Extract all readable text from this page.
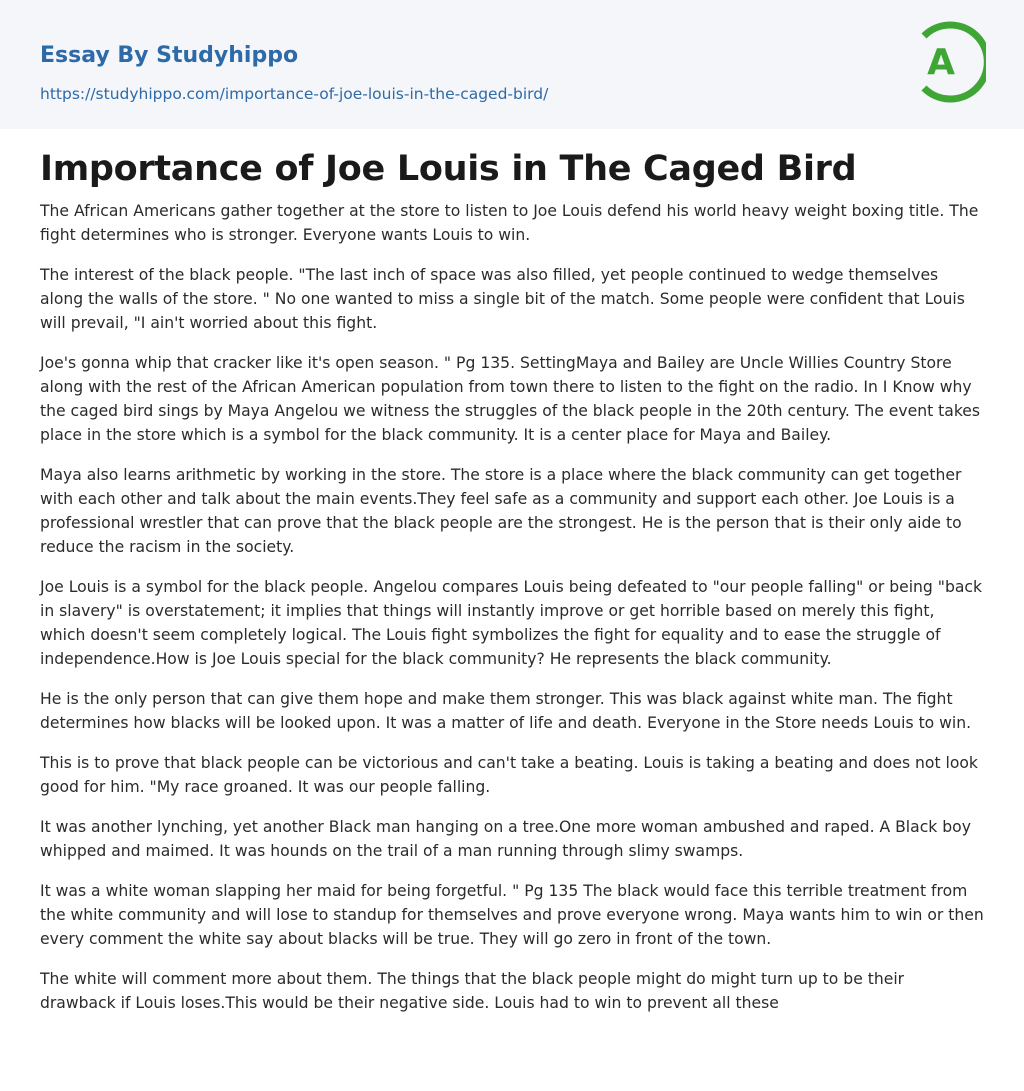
Essay By Studyhippo
https://studyhippo.com/importance-of-joe-louis-in-the-caged-bird/
A
Importance of Joe Louis in The Caged Bird

The African Americans gather together at the store to listen to Joe Louis defend his world heavy weight boxing title. The fight determines who is stronger. Everyone wants Louis to win.

The interest of the black people. "The last inch of space was also filled, yet people continued to wedge themselves along the walls of the store. " No one wanted to miss a single bit of the match. Some people were confident that Louis will prevail, "I ain't worried about this fight.

Joe's gonna whip that cracker like it's open season. " Pg 135. SettingMaya and Bailey are Uncle Willies Country Store along with the rest of the African American population from town there to listen to the fight on the radio. In I Know why the caged bird sings by Maya Angelou we witness the struggles of the black people in the 20th century. The event takes place in the store which is a symbol for the black community. It is a center place for Maya and Bailey.

Maya also learns arithmetic by working in the store. The store is a place where the black community can get together with each other and talk about the main events.They feel safe as a community and support each other. Joe Louis is a professional wrestler that can prove that the black people are the strongest. He is the person that is their only aide to reduce the racism in the society.

Joe Louis is a symbol for the black people. Angelou compares Louis being defeated to "our people falling" or being "back in slavery" is overstatement; it implies that things will instantly improve or get horrible based on merely this fight, which doesn't seem completely logical. The Louis fight symbolizes the fight for equality and to ease the struggle of independence.How is Joe Louis special for the black community? He represents the black community.

He is the only person that can give them hope and make them stronger. This was black against white man. The fight determines how blacks will be looked upon. It was a matter of life and death. Everyone in the Store needs Louis to win.

This is to prove that black people can be victorious and can't take a beating. Louis is taking a beating and does not look good for him. "My race groaned. It was our people falling.

It was another lynching, yet another Black man hanging on a tree.One more woman ambushed and raped. A Black boy whipped and maimed. It was hounds on the trail of a man running through slimy swamps.

It was a white woman slapping her maid for being forgetful. " Pg 135 The black would face this terrible treatment from the white community and will lose to standup for themselves and prove everyone wrong. Maya wants him to win or then every comment the white say about blacks will be true. They will go zero in front of the town.

The white will comment more about them. The things that the black people might do might turn up to be their drawback if Louis loses.This would be their negative side. Louis had to win to prevent all these
